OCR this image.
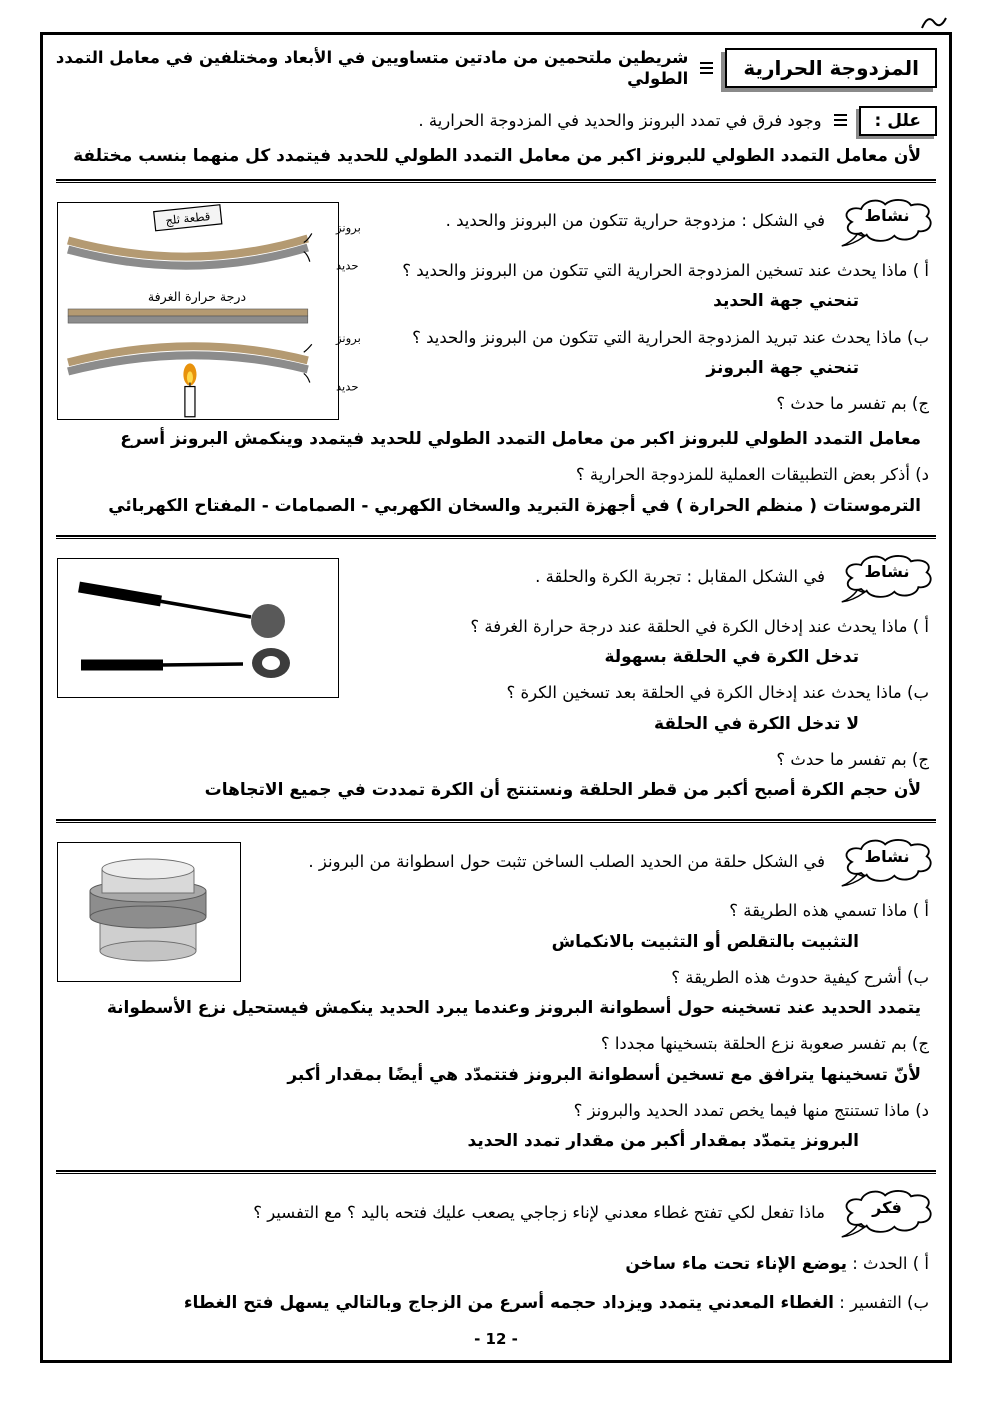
المزدوجة الحرارية
شريطين ملتحمين من مادتين متساويين في الأبعاد ومختلفين في معامل التمدد الطولي
علل :
وجود فرق في تمدد البرونز والحديد في المزدوجة الحرارية .
لأن معامل التمدد الطولي للبرونز اكبر من معامل التمدد الطولي للحديد فيتمدد كل منهما بنسب مختلفة
قطعة ثلج	برونز
حديد
درجة حرارة الغرفة
برونز
حديد
نشاط
في الشكل : مزدوجة حرارية تتكون من البرونز والحديد .
أ ) ماذا يحدث عند تسخين المزدوجة الحرارية التي تتكون من البرونز والحديد ؟
تنحني جهة الحديد
ب) ماذا يحدث عند تبريد المزدوجة الحرارية التي تتكون من البرونز والحديد ؟
تنحني جهة البرونز
ج) بم تفسر ما حدث ؟
معامل التمدد الطولي للبرونز اكبر من معامل التمدد الطولي للحديد فيتمدد وينكمش البرونز أسرع
د) أذكر بعض التطبيقات العملية للمزدوجة الحرارية ؟
الترموستات ( منظم الحرارة ) في أجهزة التبريد والسخان الكهربي - الصمامات - المفتاح الكهربائي
نشاط
في الشكل المقابل : تجربة الكرة والحلقة .
أ ) ماذا يحدث عند إدخال الكرة في الحلقة عند درجة حرارة الغرفة ؟
تدخل الكرة في الحلقة بسهولة
ب) ماذا يحدث عند إدخال الكرة في الحلقة بعد تسخين الكرة ؟
لا تدخل الكرة في الحلقة
ج) بم تفسر ما حدث ؟
لأن حجم الكرة أصبح أكبر من قطر الحلقة ونستنتج أن الكرة تمددت في جميع الاتجاهات
نشاط
في الشكل حلقة من الحديد الصلب الساخن تثبت حول اسطوانة من البرونز .
أ ) ماذا تسمي هذه الطريقة ؟
التثبيت بالتقلص أو التثبيت بالانكماش
ب) أشرح كيفية حدوث هذه الطريقة ؟
يتمدد الحديد عند تسخينه حول أسطوانة البرونز وعندما يبرد الحديد ينكمش فيستحيل نزع الأسطوانة
ج) بم تفسر صعوبة نزع الحلقة بتسخينها مجددا ؟
لأنّ تسخينها يترافق مع تسخين أسطوانة البرونز فتتمدّد هي أيضًا بمقدار أكبر
د) ماذا تستنتج منها فيما يخص تمدد الحديد والبرونز ؟
البرونز يتمدّد بمقدار أكبر من مقدار تمدد الحديد
فكر
ماذا تفعل لكي تفتح غطاء معدني لإناء زجاجي يصعب عليك فتحه باليد ؟ مع التفسير ؟
أ ) الحدث : يوضع الإناء تحت ماء ساخن
ب) التفسير : الغطاء المعدني يتمدد ويزداد حجمه أسرع من الزجاج وبالتالي يسهل فتح الغطاء
- 12 -
